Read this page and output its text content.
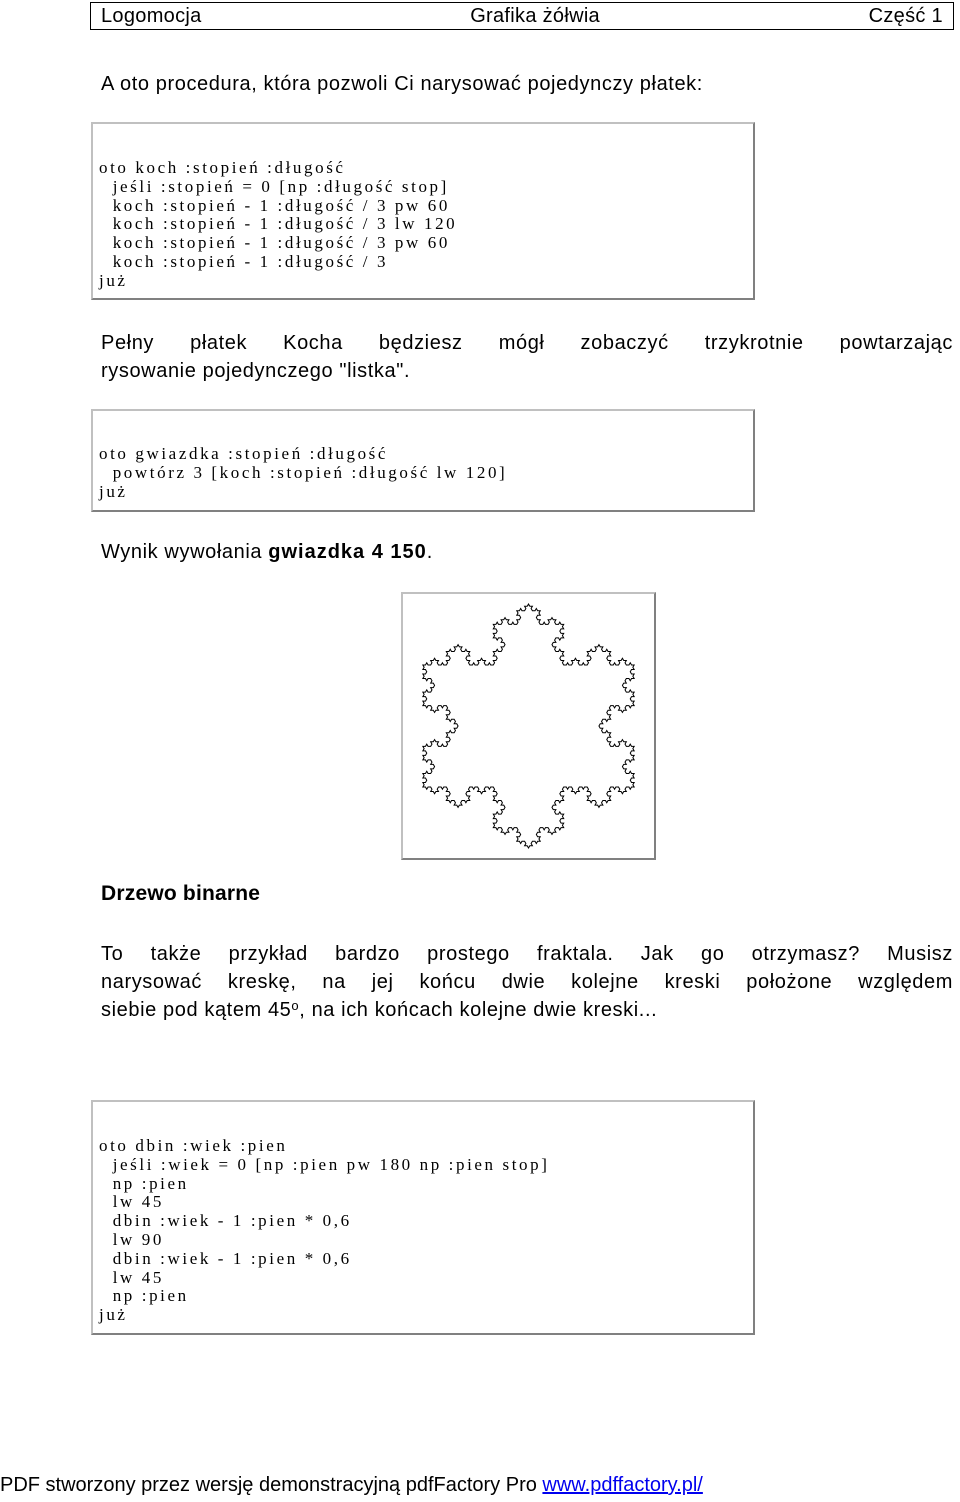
Logomocja	Grafika żółwia	Część 1
A oto procedura, która pozwoli Ci narysować pojedynczy płatek:
oto koch :stopień :długość
jeśli :stopień = 0 [np :długość stop]
koch :stopień - 1 :długość / 3 pw 60
koch :stopień - 1 :długość / 3 lw 120
koch :stopień - 1 :długość / 3 pw 60
koch :stopień - 1 :długość / 3
już
Pełny płatek Kocha będziesz mógł zobaczyć trzykrotnie powtarzając
rysowanie pojedynczego "listka".
oto gwiazdka :stopień :długość
powtórz 3 [koch :stopień :długość lw 120]
już
Wynik wywołania gwiazdka 4 150.
Drzewo binarne
To także przykład bardzo prostego fraktala. Jak go otrzymasz? Musisz
narysować kreskę, na jej końcu dwie kolejne kreski położone względem
siebie pod kątem 45$^o$, na ich końcach kolejne dwie kreski...
oto dbin :wiek :pien
jeśli :wiek = 0 [np :pien pw 180 np :pien stop]
np :pien
lw 45
dbin :wiek - 1 :pien * 0,6
lw 90
dbin :wiek - 1 :pien * 0,6
lw 45
np :pien
już
PDF stworzony przez wersję demonstracyjną pdfFactory Pro www.pdffactory.pl/
